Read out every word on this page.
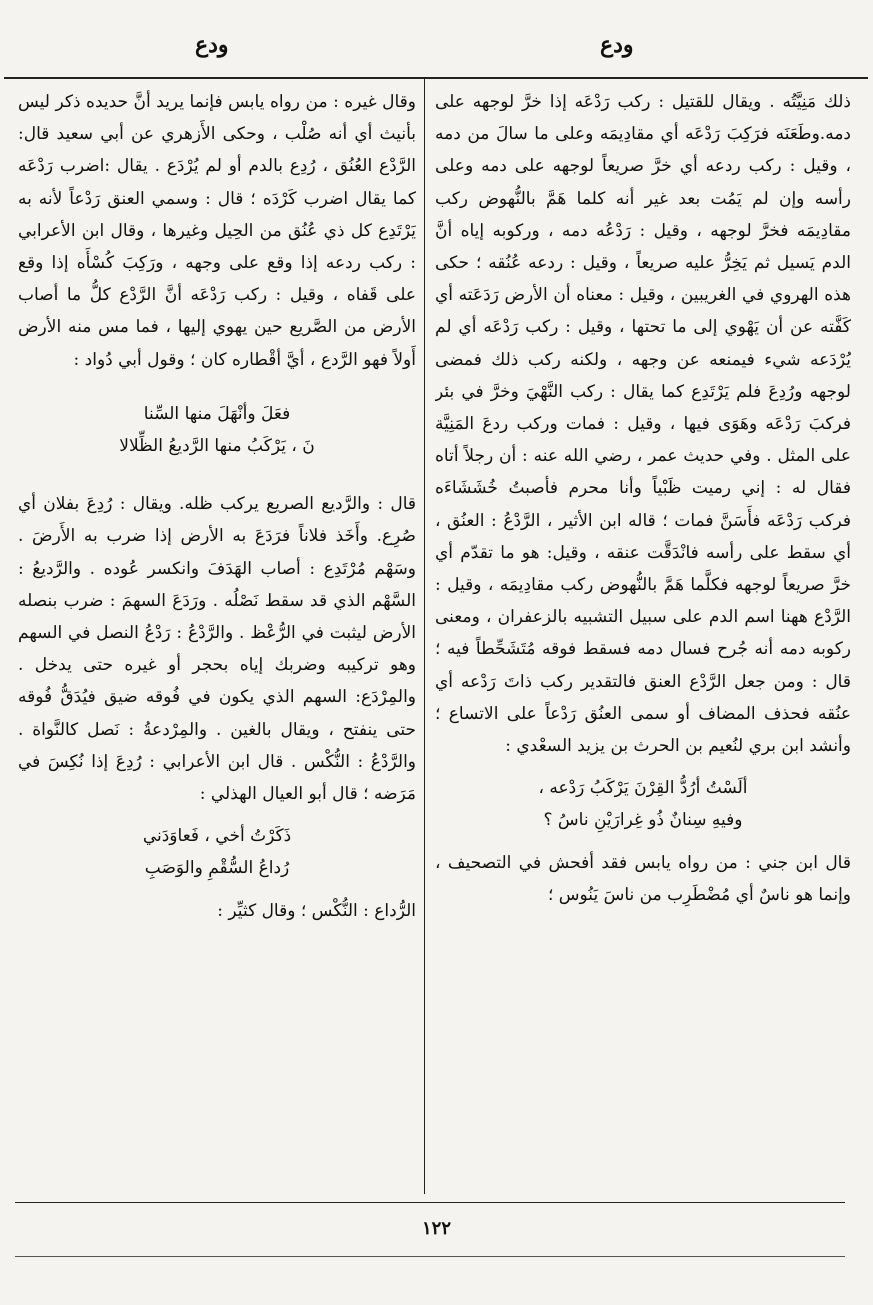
ودع
ودع

ذلك مَنِيَّتُه . ويقال للقتيل : ركب رَدْعَه إذا خرَّ لوجهه على دمه.وطَعَنَه فرَكِبَ رَدْعَه أي مقادِيمَه وعلى ما سالَ من دمه ، وقيل : ركب ردعه أي خرَّ صريعاً لوجهه على دمه وعلى رأسه وإن لم يَمُت بعد غير أنه كلما هَمَّ بالنُّهوض ركب مقادِيمَه فخرَّ لوجهه ، وقيل : رَدْعُه دمه ، وركوبه إياه أنَّ الدم يَسيل ثم يَخِرُّ عليه صريعاً ، وقيل : ردعه عُنُقه ؛ حكى هذه الهروي في الغريبين ، وقيل : معناه أن الأرض رَدَعَته أي كَفَّته عن أن يَهْوي إلى ما تحتها ، وقيل : ركب رَدْعَه أي لم يُرْدَعه شيء فيمنعه عن وجهه ، ولكنه ركب ذلك فمضى لوجهه ورُدِعَ فلم يَرْتَدِع كما يقال : ركب النَّهْيَ وخرَّ في بئر فركبَ رَدْعَه وهَوَى فيها ، وقيل : فمات وركب ردعَ المَنِيَّة على المثل . وفي حديث عمر ، رضي الله عنه : أن رجلاً أتاه فقال له : إني رميت ظَبْياً وأنا محرم فأصبتُ خُشَشَاءَه فركب رَدْعَه فأَسَنَّ فمات ؛ قاله ابن الأثير ، الرَّدْعُ : العنُق ، أي سقط على رأسه فانْدَقَّت عنقه ، وقيل: هو ما تقدّم أي خرَّ صريعاً لوجهه فكلَّما هَمَّ بالنُّهوض ركب مقادِيمَه ، وقيل : الرَّدْع ههنا اسم الدم على سبيل التشبيه بالزعفران ، ومعنى ركوبه دمه أنه جُرح فسال دمه فسقط فوقه مُتَشَحِّطاً فيه ؛ قال : ومن جعل الرَّدْع العنق فالتقدير ركب ذاتَ رَدْعه أي عنُقه فحذف المضاف أو سمى العنُق رَدْعاً على الاتساع ؛ وأنشد ابن بري لنُعيم بن الحرث بن يزيد السعْدي :

ألَسْتُ أرُدُّ القِرْنَ يَرْكَبُ رَدْعه ،

وفيهِ سِنانٌ ذُو غِرارَيْنِ ناسُ ؟

قال ابن جني : من رواه يابس فقد أفحش في التصحيف ، وإنما هو ناسٌ أي مُضْطَرِب من ناسَ يَنُوس ؛

وقال غيره : من رواه يابس فإنما يريد أنَّ حديده ذكر ليس بأنيث أي أنه صُلْب ، وحكى الأَزهري عن أبي سعيد قال: الرَّدْع العُنُق ، رُدِع بالدم أو لم يُرْدَع . يقال :اضرب رَدْعَه كما يقال اضرب كَرْدَه ؛ قال : وسمي العنق رَدْعاً لأنه به يَرْتَدِع كل ذي عُنُق من الحِيل وغيرها ، وقال ابن الأعرابي : ركب ردعه إذا وقع على وجهه ، ورَكِبَ كُسْأَه إذا وقع على قَفاه ، وقيل : ركب رَدْعَه أنَّ الرَّدْع كلُّ ما أصاب الأرض من الصَّريع حين يهوي إليها ، فما مس منه الأرض أَولاً فهو الرَّدع ، أيَّ أقْطاره كان ؛ وقول أبي دُواد :

فعَلَ وأنْهَلَ منها السِّنا

نَ ، يَرْكَبُ منها الرَّديعُ الظِّلالا

قال : والرَّديع الصريع يركب ظله. ويقال : رُدِعَ بفلان أي صُرِع. وأَخَذ فلاناً فرَدَعَ به الأرض إذا ضرب به الأَرضَ . وسَهْم مُرْتَدِع : أصاب الهَدَفَ وانكسر عُوده . والرَّديعُ : السَّهْم الذي قد سقط نَصْلُه . ورَدَعَ السهمَ : ضرب بنصله الأرض ليثبت في الرُّعْظ . والرَّدْعُ : رَدْعُ النصل في السهم وهو تركيبه وضربك إياه بحجر أو غيره حتى يدخل . والمِرْدَع: السهم الذي يكون في فُوقه ضيق فيُدَقُّ فُوقه حتى ينفتح ، ويقال بالغين . والمِرْدعةُ : نَصل كالنَّواة . والرَّدْعُ : النُّكْس . قال ابن الأعرابي : رُدِعَ إذا نُكِسَ في مَرَضه ؛ قال أبو العيال الهذلي :

ذَكَرْتُ أخي ، فَعاوَدَني

رُداعُ السُّقْمِ والوَصَبِ

الرُّداع : النُّكْس ؛ وقال كثيِّر :

١٢٢
